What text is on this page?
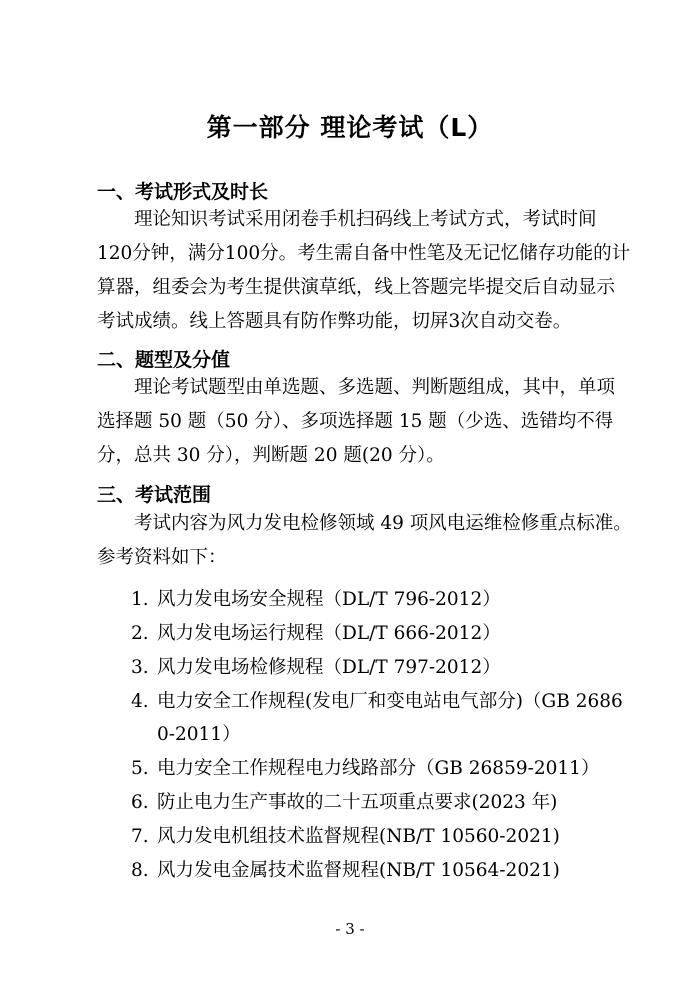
第一部分 理论考试（L）
一、考试形式及时长
理论知识考试采用闭卷手机扫码线上考试方式，考试时间
120分钟，满分100分。考生需自备中性笔及无记忆储存功能的计
算器，组委会为考生提供演草纸，线上答题完毕提交后自动显示
考试成绩。线上答题具有防作弊功能，切屏3次自动交卷。
二、题型及分值
理论考试题型由单选题、多选题、判断题组成，其中，单项
选择题 50 题（50 分）、多项选择题 15 题（少选、选错均不得
分，总共 30 分），判断题 20 题(20 分）。
三、考试范围
考试内容为风力发电检修领域 49 项风电运维检修重点标准。
参考资料如下：
1. 风力发电场安全规程（DL/T 796-2012）
2. 风力发电场运行规程（DL/T 666-2012）
3. 风力发电场检修规程（DL/T 797-2012）
4. 电力安全工作规程(发电厂和变电站电气部分)（GB 26860-2011）
5. 电力安全工作规程电力线路部分（GB 26859-2011）
6. 防止电力生产事故的二十五项重点要求(2023 年)
7. 风力发电机组技术监督规程(NB/T 10560-2021)
8. 风力发电金属技术监督规程(NB/T 10564-2021)
- 3 -
